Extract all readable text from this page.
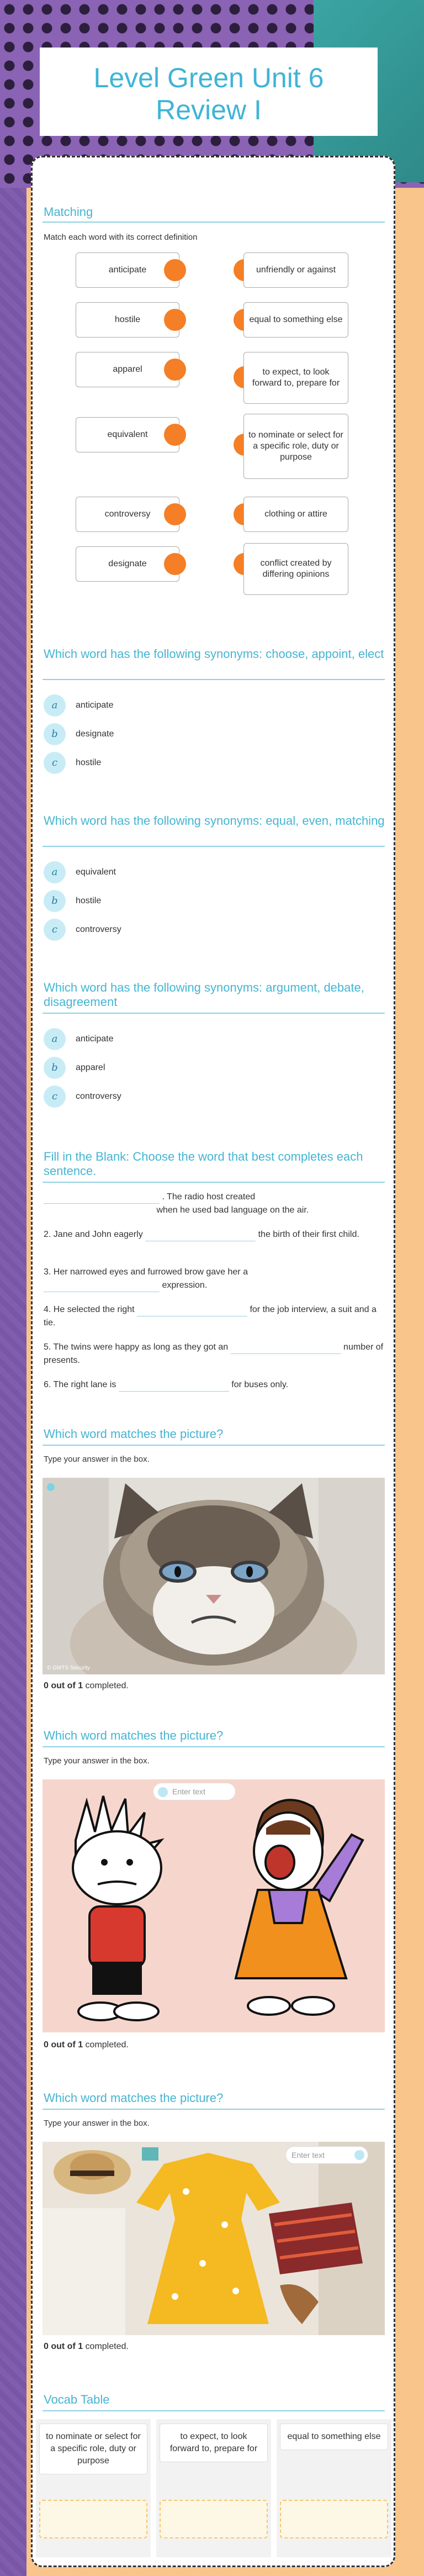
Level Green Unit 6
Review I
Matching
Match each word with its correct definition
anticipate	unfriendly or against
hostile	equal to something else
apparel	to expect, to look forward to, prepare for
equivalent	to nominate or select for a specific role, duty or purpose
controversy	clothing or attire
designate	conflict created by differing opinions
Which word has the following synonyms: choose, appoint, elect
a	anticipate
b	designate
c	hostile
Which word has the following synonyms: equal, even, matching
a	equivalent
b	hostile
c	controversy
Which word has the following synonyms: argument, debate, disagreement
a	anticipate
b	apparel
c	controversy
Fill in the Blank: Choose the word that best completes each sentence.
. The radio host created
when he used bad language on the air.
2. Jane and John eagerly	the birth of their first child.
3. Her narrowed eyes and furrowed brow gave her a
expression.
4. He selected the right	for the job interview, a suit and a tie.
5. The twins were happy as long as they got an	number of presents.
6. The right lane is	for buses only.
Which word matches the picture?
Type your answer in the box.
© GMTS Security
0 out of 1 completed.
Which word matches the picture?
Type your answer in the box.
Enter text
0 out of 1 completed.
Which word matches the picture?
Type your answer in the box.
Enter text
0 out of 1 completed.
Vocab Table
to nominate or select for a specific role, duty or purpose
to expect, to look forward to, prepare for
equal to something else
